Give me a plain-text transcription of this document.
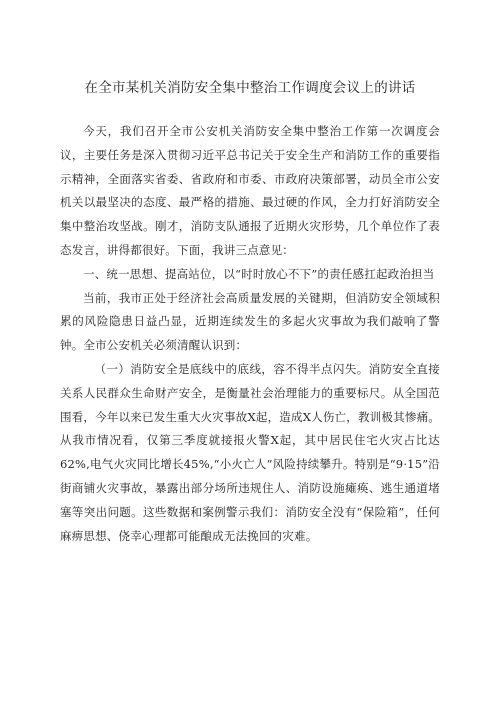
在全市某机关消防安全集中整治工作调度会议上的讲话

今天，我们召开全市公安机关消防安全集中整治工作第一次调度会议，主要任务是深入贯彻习近平总书记关于安全生产和消防工作的重要指示精神，全面落实省委、省政府和市委、市政府决策部署，动员全市公安机关以最坚决的态度、最严格的措施、最过硬的作风，全力打好消防安全集中整治攻坚战。刚才，消防支队通报了近期火灾形势，几个单位作了表态发言，讲得都很好。下面，我讲三点意见：

一、统一思想、提高站位，以“时时放心不下”的责任感扛起政治担当

当前，我市正处于经济社会高质量发展的关键期，但消防安全领域积累的风险隐患日益凸显，近期连续发生的多起火灾事故为我们敲响了警钟。全市公安机关必须清醒认识到：

（一）消防安全是底线中的底线，容不得半点闪失。消防安全直接关系人民群众生命财产安全，是衡量社会治理能力的重要标尺。从全国范围看，今年以来已发生重大火灾事故X起，造成X人伤亡，教训极其惨痛。从我市情况看，仅第三季度就接报火警X起，其中居民住宅火灾占比达62%,电气火灾同比增长45%,“小火亡人”风险持续攀升。特别是“9·15”沿街商铺火灾事故，暴露出部分场所违规住人、消防设施瘫痪、逃生通道堵塞等突出问题。这些数据和案例警示我们：消防安全没有“保险箱”，任何麻痹思想、侥幸心理都可能酿成无法挽回的灾难。
